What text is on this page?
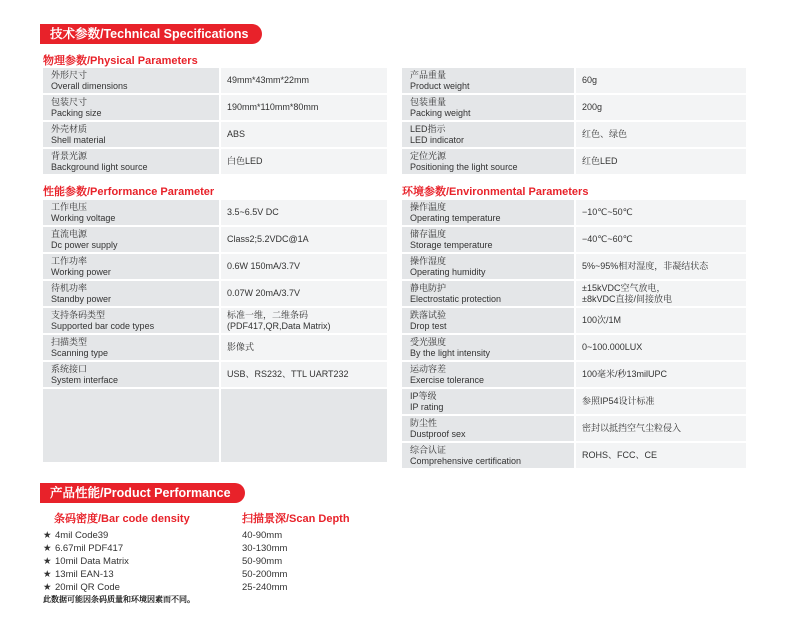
技术参数/Technical Specifications
物理参数/Physical Parameters
外形尺寸
Overall dimensions
49mm*43mm*22mm
包装尺寸
Packing size
190mm*110mm*80mm
外壳材质
Shell material
ABS
背景光源
Background light source
白色LED
产品重量
Product weight
60g
包装重量
Packing weight
200g
LED指示
LED indicator
红色、绿色
定位光源
Positioning the light source
红色LED
性能参数/Performance Parameter
工作电压
Working voltage
3.5~6.5V DC
直流电源
Dc power supply
Class2;5.2VDC@1A
工作功率
Working power
0.6W 150mA/3.7V
待机功率
Standby power
0.07W 20mA/3.7V
支持条码类型
Supported bar code types
标准一维，二维条码
(PDF417,QR,Data Matrix)
扫描类型
Scanning type
影像式
系统接口
System interface
USB、RS232、TTL UART232
环境参数/Environmental Parameters
操作温度
Operating temperature
−10℃~50℃
储存温度
Storage temperature
−40℃~60℃
操作湿度
Operating humidity
5%~95%相对湿度，非凝结状态
静电防护
Electrostatic protection
±15kVDC空气放电，
±8kVDC直接/间接放电
跌落试验
Drop test
100次/1M
受光强度
By the light intensity
0~100.000LUX
运动容差
Exercise tolerance
100毫米/秒13milUPC
IP等级
IP rating
参照IP54设计标准
防尘性
Dustproof sex
密封以抵挡空气尘粒侵入
综合认证
Comprehensive certification
ROHS、FCC、CE
产品性能/Product Performance
条码密度/Bar code density
★ 4mil Code39
★ 6.67mil PDF417
★ 10mil Data Matrix
★ 13mil EAN-13
★ 20mil QR Code
扫描景深/Scan Depth
40-90mm
30-130mm
50-90mm
50-200mm
25-240mm
此数据可能因条码质量和环境因素而不同。
